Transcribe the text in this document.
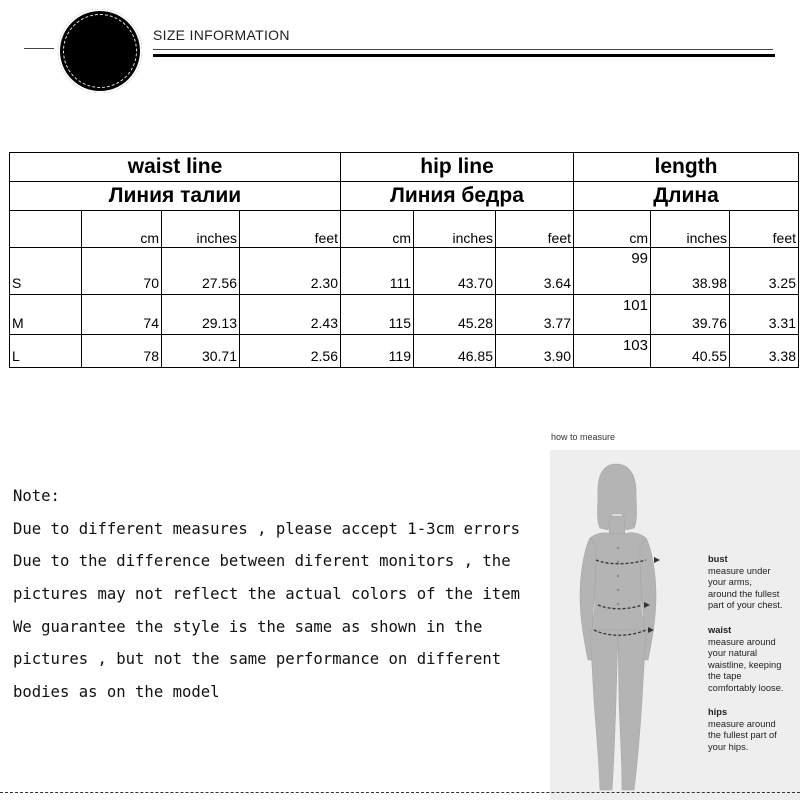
SIZE INFORMATION
waist line				hip line			length		
Линия талии				Линия бедра			Длина		
	cm	inches	feet	cm	inches	feet	cm	inches	feet
S	70	27.56	2.30	111	43.70	3.64	99	38.98	3.25
M	74	29.13	2.43	115	45.28	3.77	101	39.76	3.31
L	78	30.71	2.56	119	46.85	3.90	103	40.55	3.38
Note:
Due to different measures , please accept 1-3cm errors
Due to the difference between diferent monitors , the
pictures may not reflect the actual colors of the item
We guarantee the style is the same as shown in the
pictures , but not the same performance on different
bodies as on the model
how to measure
bust
measure under
your arms,
around the fullest
part of your chest.
waist
measure around
your natural
waistline, keeping
the tape
comfortably loose.
hips
measure around
the fullest part of
your hips.
